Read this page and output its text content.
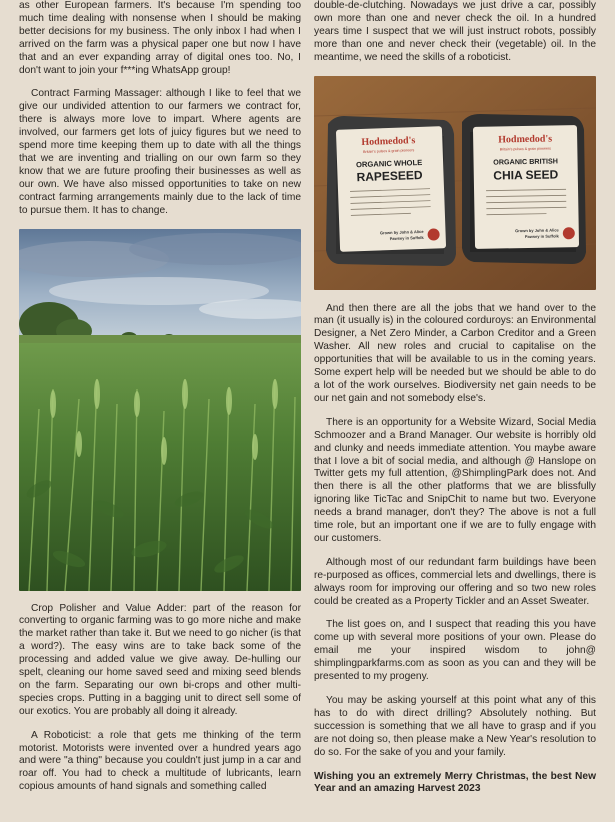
as other European farmers. It's because I'm spending too much time dealing with nonsense when I should be making better decisions for my business. The only inbox I had when I arrived on the farm was a physical paper one but now I have that and an ever expanding array of digital ones too. No, I don't want to join your f***ing WhatsApp group!

Contract Farming Massager: although I like to feel that we give our undivided attention to our farmers we contract for, there is always more love to impart. Where agents are involved, our farmers get lots of juicy figures but we need to spend more time keeping them up to date with all the things that we are inventing and trialling on our own farm so they know that we are future proofing their businesses as well as our own. We have also missed opportunities to take on new contract farming arrangements mainly due to the lack of time to pursue them. It has to change.

Crop Polisher and Value Adder: part of the reason for converting to organic farming was to go more niche and make the market rather than take it. But we need to go nicher (is that a word?). The easy wins are to take back some of the processing and added value we give away. De-hulling our spelt, cleaning our home saved seed and mixing seed blends on the farm. Separating our own bi-crops and other multi-species crops. Putting in a bagging unit to direct sell some of our exotics. You are probably all doing it already.

A Roboticist: a role that gets me thinking of the term motorist. Motorists were invented over a hundred years ago and were "a thing" because you couldn't just jump in a car and roar off. You had to check a multitude of lubricants, learn copious amounts of hand signals and something called

double-de-clutching. Nowadays we just drive a car, possibly own more than one and never check the oil. In a hundred years time I suspect that we will just instruct robots, possibly more than one and never check their (vegetable) oil. In the meantime, we need the skills of a roboticist.

Hodmedod's
Britain's pulses & grain pioneers
ORGANIC WHOLE
RAPESEED
Grown by John & Alice
Pawsey in Suffolk
Hodmedod's
Britain's pulses & grain pioneers
ORGANIC BRITISH
CHIA SEED
Grown by John & Alice
Pawsey in Suffolk

And then there are all the jobs that we hand over to the man (it usually is) in the coloured corduroys: an Environmental Designer, a Net Zero Minder, a Carbon Creditor and a Green Washer. All new roles and crucial to capitalise on the opportunities that will be available to us in the coming years. Some expert help will be needed but we should be able to do a lot of the work ourselves. Biodiversity net gain needs to be our net gain and not somebody else's.

There is an opportunity for a Website Wizard, Social Media Schmoozer and a Brand Manager. Our website is horribly old and clunky and needs immediate attention. You maybe aware that I love a bit of social media, and although @ Hanslope on Twitter gets my full attention, @ShimplingPark does not. And then there is all the other platforms that we are blissfully ignoring like TicTac and SnipChit to name but two. Everyone needs a brand manager, don't they? The above is not a full time role, but an important one if we are to fully engage with our customers.

Although most of our redundant farm buildings have been re-purposed as offices, commercial lets and dwellings, there is always room for improving our offering and so two new roles could be created as a Property Tickler and an Asset Sweater.

The list goes on, and I suspect that reading this you have come up with several more positions of your own. Please do email me your inspired wisdom to john@ shimplingparkfarms.com as soon as you can and they will be presented to my progeny.

You may be asking yourself at this point what any of this has to do with direct drilling? Absolutely nothing. But succession is something that we all have to grasp and if you are not doing so, then please make a New Year's resolution to do so. For the sake of you and your family.

Wishing you an extremely Merry Christmas, the best New Year and an amazing Harvest 2023
